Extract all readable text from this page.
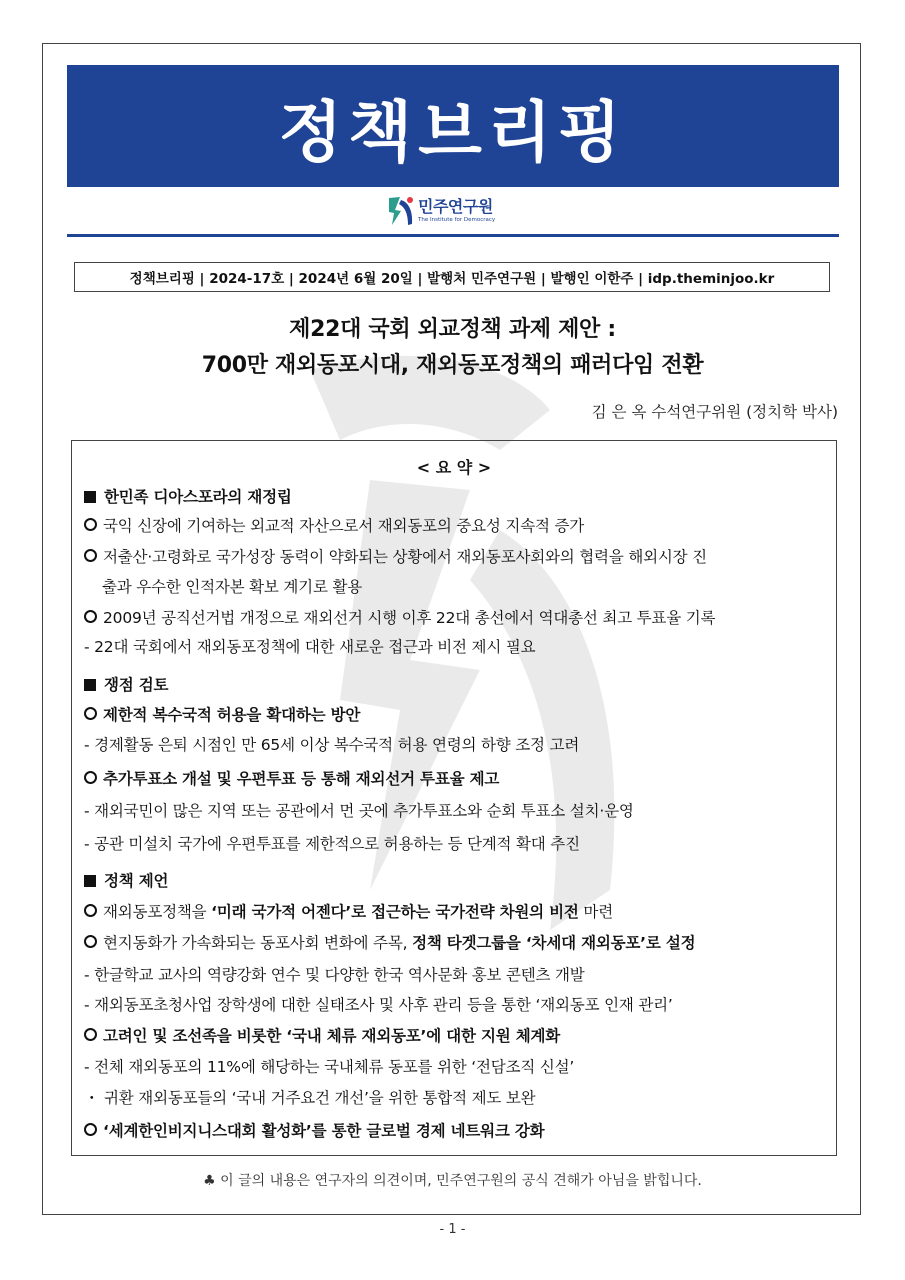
정책브리핑
민주연구원
The Institute for Democracy
정책브리핑 | 2024-17호 | 2024년 6월 20일 | 발행처 민주연구원 | 발행인 이한주 | idp.theminjoo.kr
제22대 국회 외교정책 과제 제안 :
700만 재외동포시대, 재외동포정책의 패러다임 전환
김 은 옥 수석연구위원 (정치학 박사)
< 요 약 >
한민족 디아스포라의 재정립
국익 신장에 기여하는 외교적 자산으로서 재외동포의 중요성 지속적 증가
저출산·고령화로 국가성장 동력이 약화되는 상황에서 재외동포사회와의 협력을 해외시장 진
출과 우수한 인적자본 확보 계기로 활용
2009년 공직선거법 개정으로 재외선거 시행 이후 22대 총선에서 역대총선 최고 투표율 기록
- 22대 국회에서 재외동포정책에 대한 새로운 접근과 비전 제시 필요
쟁점 검토
제한적 복수국적 허용을 확대하는 방안
- 경제활동 은퇴 시점인 만 65세 이상 복수국적 허용 연령의 하향 조정 고려
추가투표소 개설 및 우편투표 등 통해 재외선거 투표율 제고
- 재외국민이 많은 지역 또는 공관에서 먼 곳에 추가투표소와 순회 투표소 설치·운영
- 공관 미설치 국가에 우편투표를 제한적으로 허용하는 등 단계적 확대 추진
정책 제언
재외동포정책을 ‘미래 국가적 어젠다’로 접근하는 국가전략 차원의 비전 마련
현지동화가 가속화되는 동포사회 변화에 주목, 정책 타겟그룹을 ‘차세대 재외동포’로 설정
- 한글학교 교사의 역량강화 연수 및 다양한 한국 역사문화 홍보 콘텐츠 개발
- 재외동포초청사업 장학생에 대한 실태조사 및 사후 관리 등을 통한 ‘재외동포 인재 관리’
고려인 및 조선족을 비롯한 ‘국내 체류 재외동포’에 대한 지원 체계화
- 전체 재외동포의 11%에 해당하는 국내체류 동포를 위한 ‘전담조직 신설’
・ 귀환 재외동포들의 ‘국내 거주요건 개선’을 위한 통합적 제도 보완
‘세계한인비지니스대회 활성화’를 통한 글로벌 경제 네트워크 강화
♣ 이 글의 내용은 연구자의 의견이며, 민주연구원의 공식 견해가 아님을 밝힙니다.
- 1 -
